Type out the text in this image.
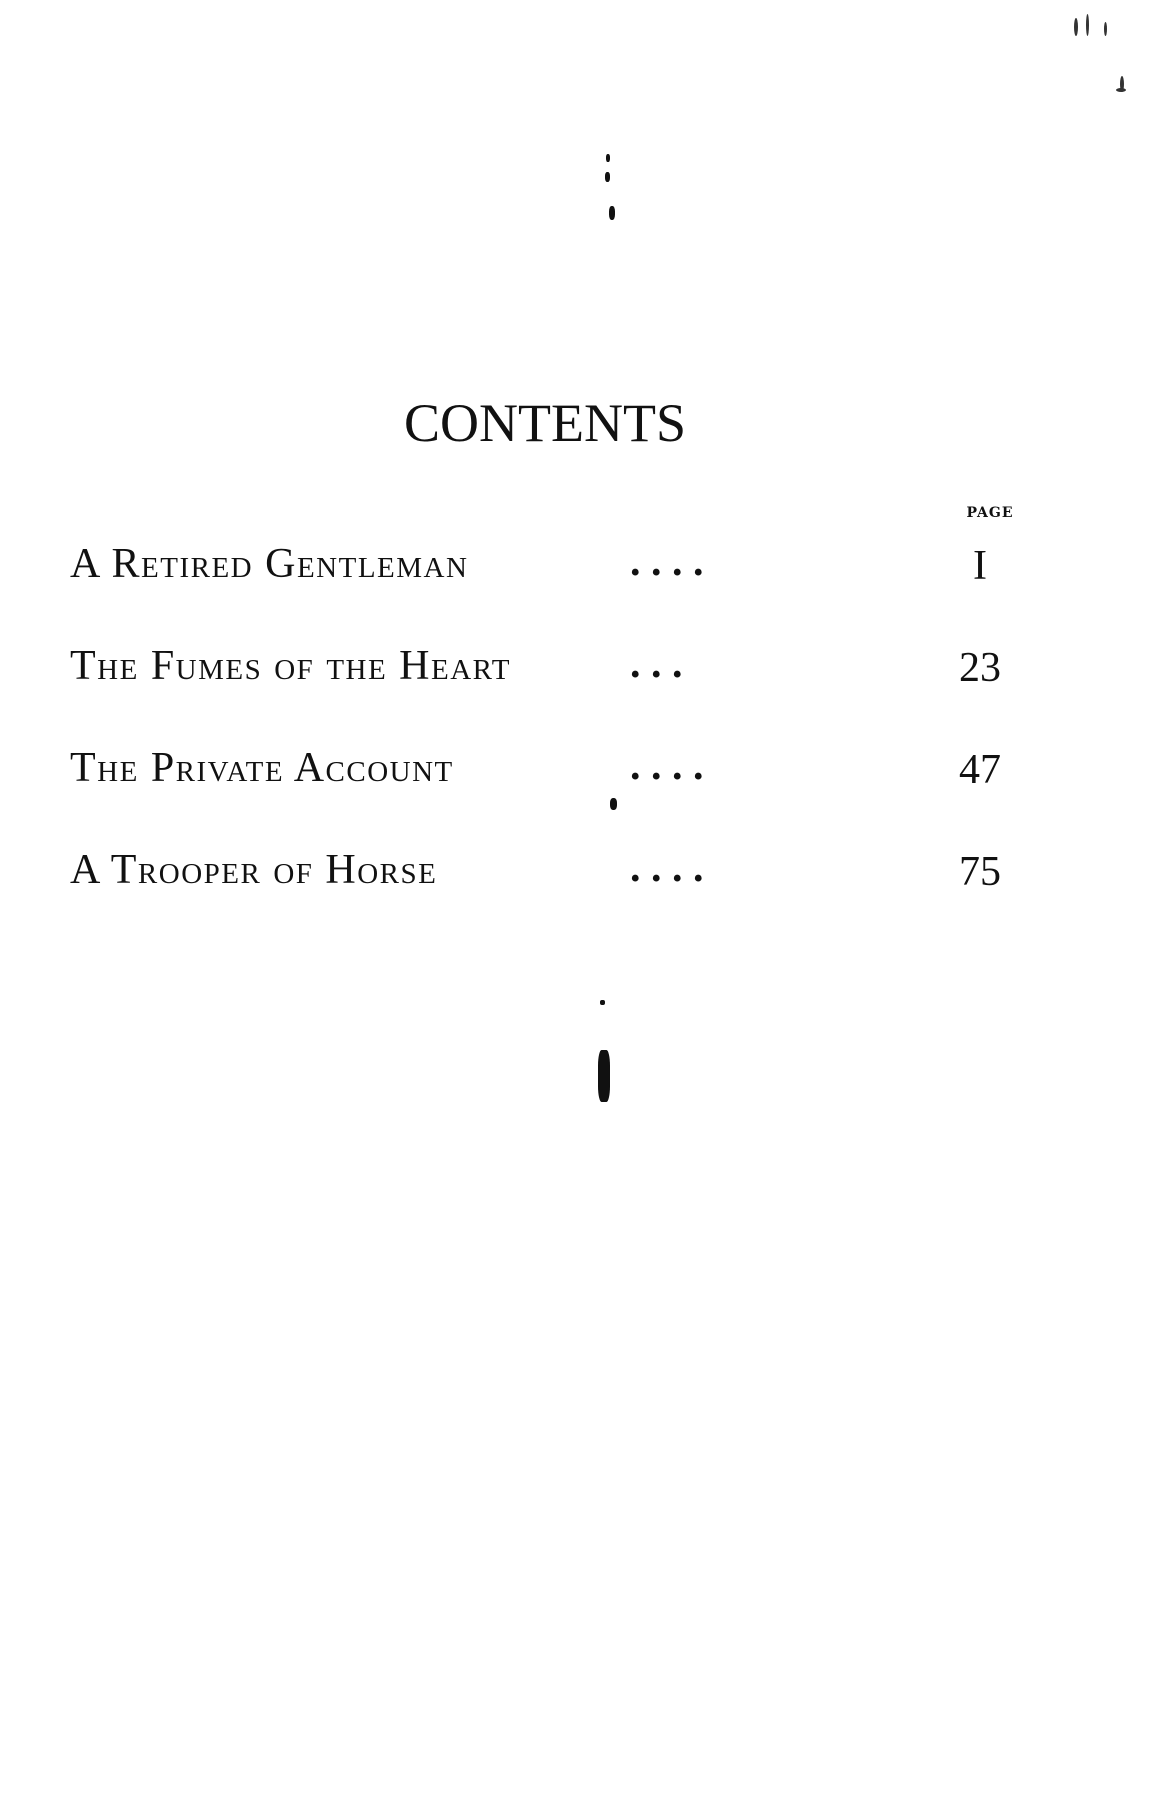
CONTENTS
PAGE
A Retired Gentleman	. . . .	I
The Fumes of the Heart	. . .	23
The Private Account	. . . .	47
A Trooper of Horse	. . . .	75
